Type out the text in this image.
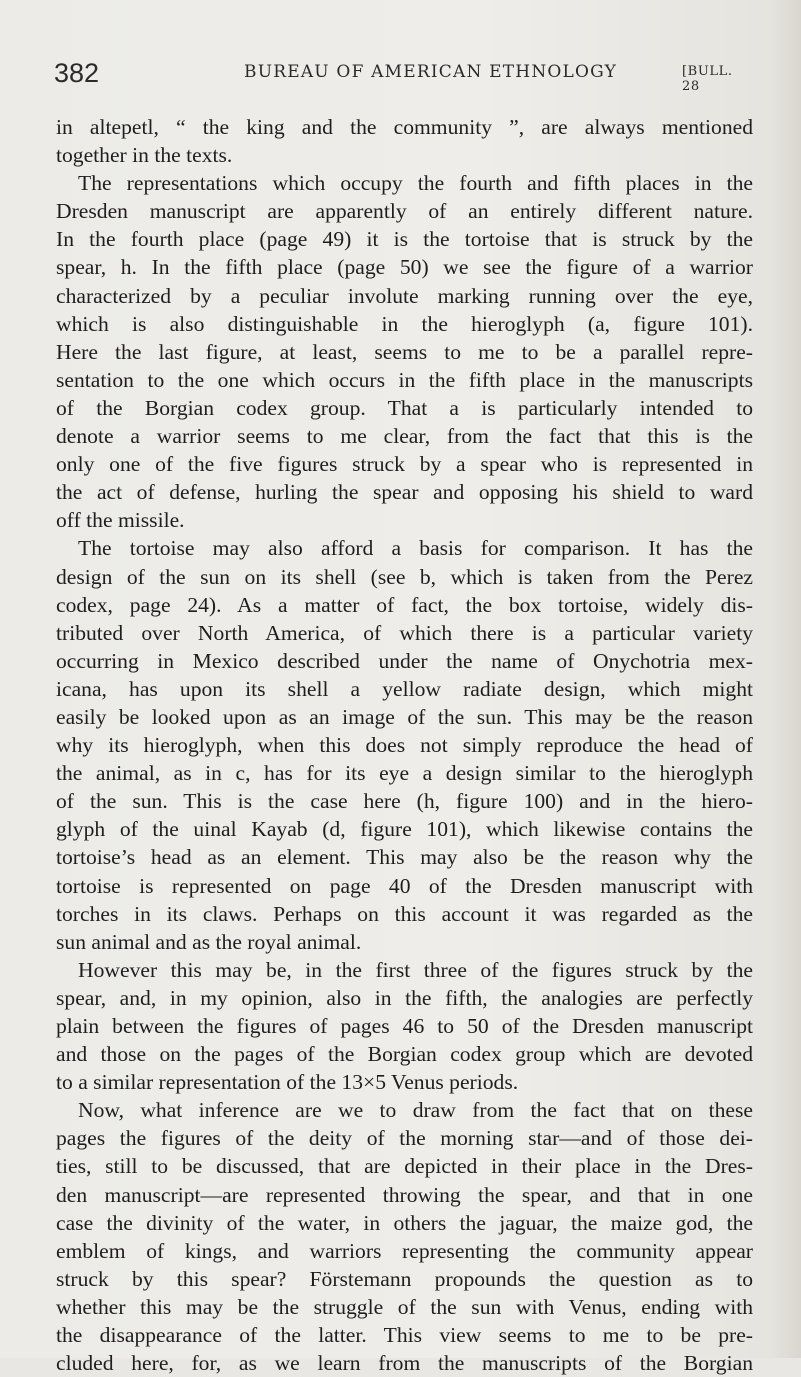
382	BUREAU OF AMERICAN ETHNOLOGY	[BULL. 28
in altepetl, “ the king and the community ”, are always mentioned
together in the texts.
The representations which occupy the fourth and fifth places in the
Dresden manuscript are apparently of an entirely different nature.
In the fourth place (page 49) it is the tortoise that is struck by the
spear, h. In the fifth place (page 50) we see the figure of a warrior
characterized by a peculiar involute marking running over the eye,
which is also distinguishable in the hieroglyph (a, figure 101).
Here the last figure, at least, seems to me to be a parallel repre-
sentation to the one which occurs in the fifth place in the manuscripts
of the Borgian codex group. That a is particularly intended to
denote a warrior seems to me clear, from the fact that this is the
only one of the five figures struck by a spear who is represented in
the act of defense, hurling the spear and opposing his shield to ward
off the missile.
The tortoise may also afford a basis for comparison. It has the
design of the sun on its shell (see b, which is taken from the Perez
codex, page 24). As a matter of fact, the box tortoise, widely dis-
tributed over North America, of which there is a particular variety
occurring in Mexico described under the name of Onychotria mex-
icana, has upon its shell a yellow radiate design, which might
easily be looked upon as an image of the sun. This may be the reason
why its hieroglyph, when this does not simply reproduce the head of
the animal, as in c, has for its eye a design similar to the hieroglyph
of the sun. This is the case here (h, figure 100) and in the hiero-
glyph of the uinal Kayab (d, figure 101), which likewise contains the
tortoise’s head as an element. This may also be the reason why the
tortoise is represented on page 40 of the Dresden manuscript with
torches in its claws. Perhaps on this account it was regarded as the
sun animal and as the royal animal.
However this may be, in the first three of the figures struck by the
spear, and, in my opinion, also in the fifth, the analogies are perfectly
plain between the figures of pages 46 to 50 of the Dresden manuscript
and those on the pages of the Borgian codex group which are devoted
to a similar representation of the 13×5 Venus periods.
Now, what inference are we to draw from the fact that on these
pages the figures of the deity of the morning star—and of those dei-
ties, still to be discussed, that are depicted in their place in the Dres-
den manuscript—are represented throwing the spear, and that in one
case the divinity of the water, in others the jaguar, the maize god, the
emblem of kings, and warriors representing the community appear
struck by this spear? Förstemann propounds the question as to
whether this may be the struggle of the sun with Venus, ending with
the disappearance of the latter. This view seems to me to be pre-
cluded here, for, as we learn from the manuscripts of the Borgian
